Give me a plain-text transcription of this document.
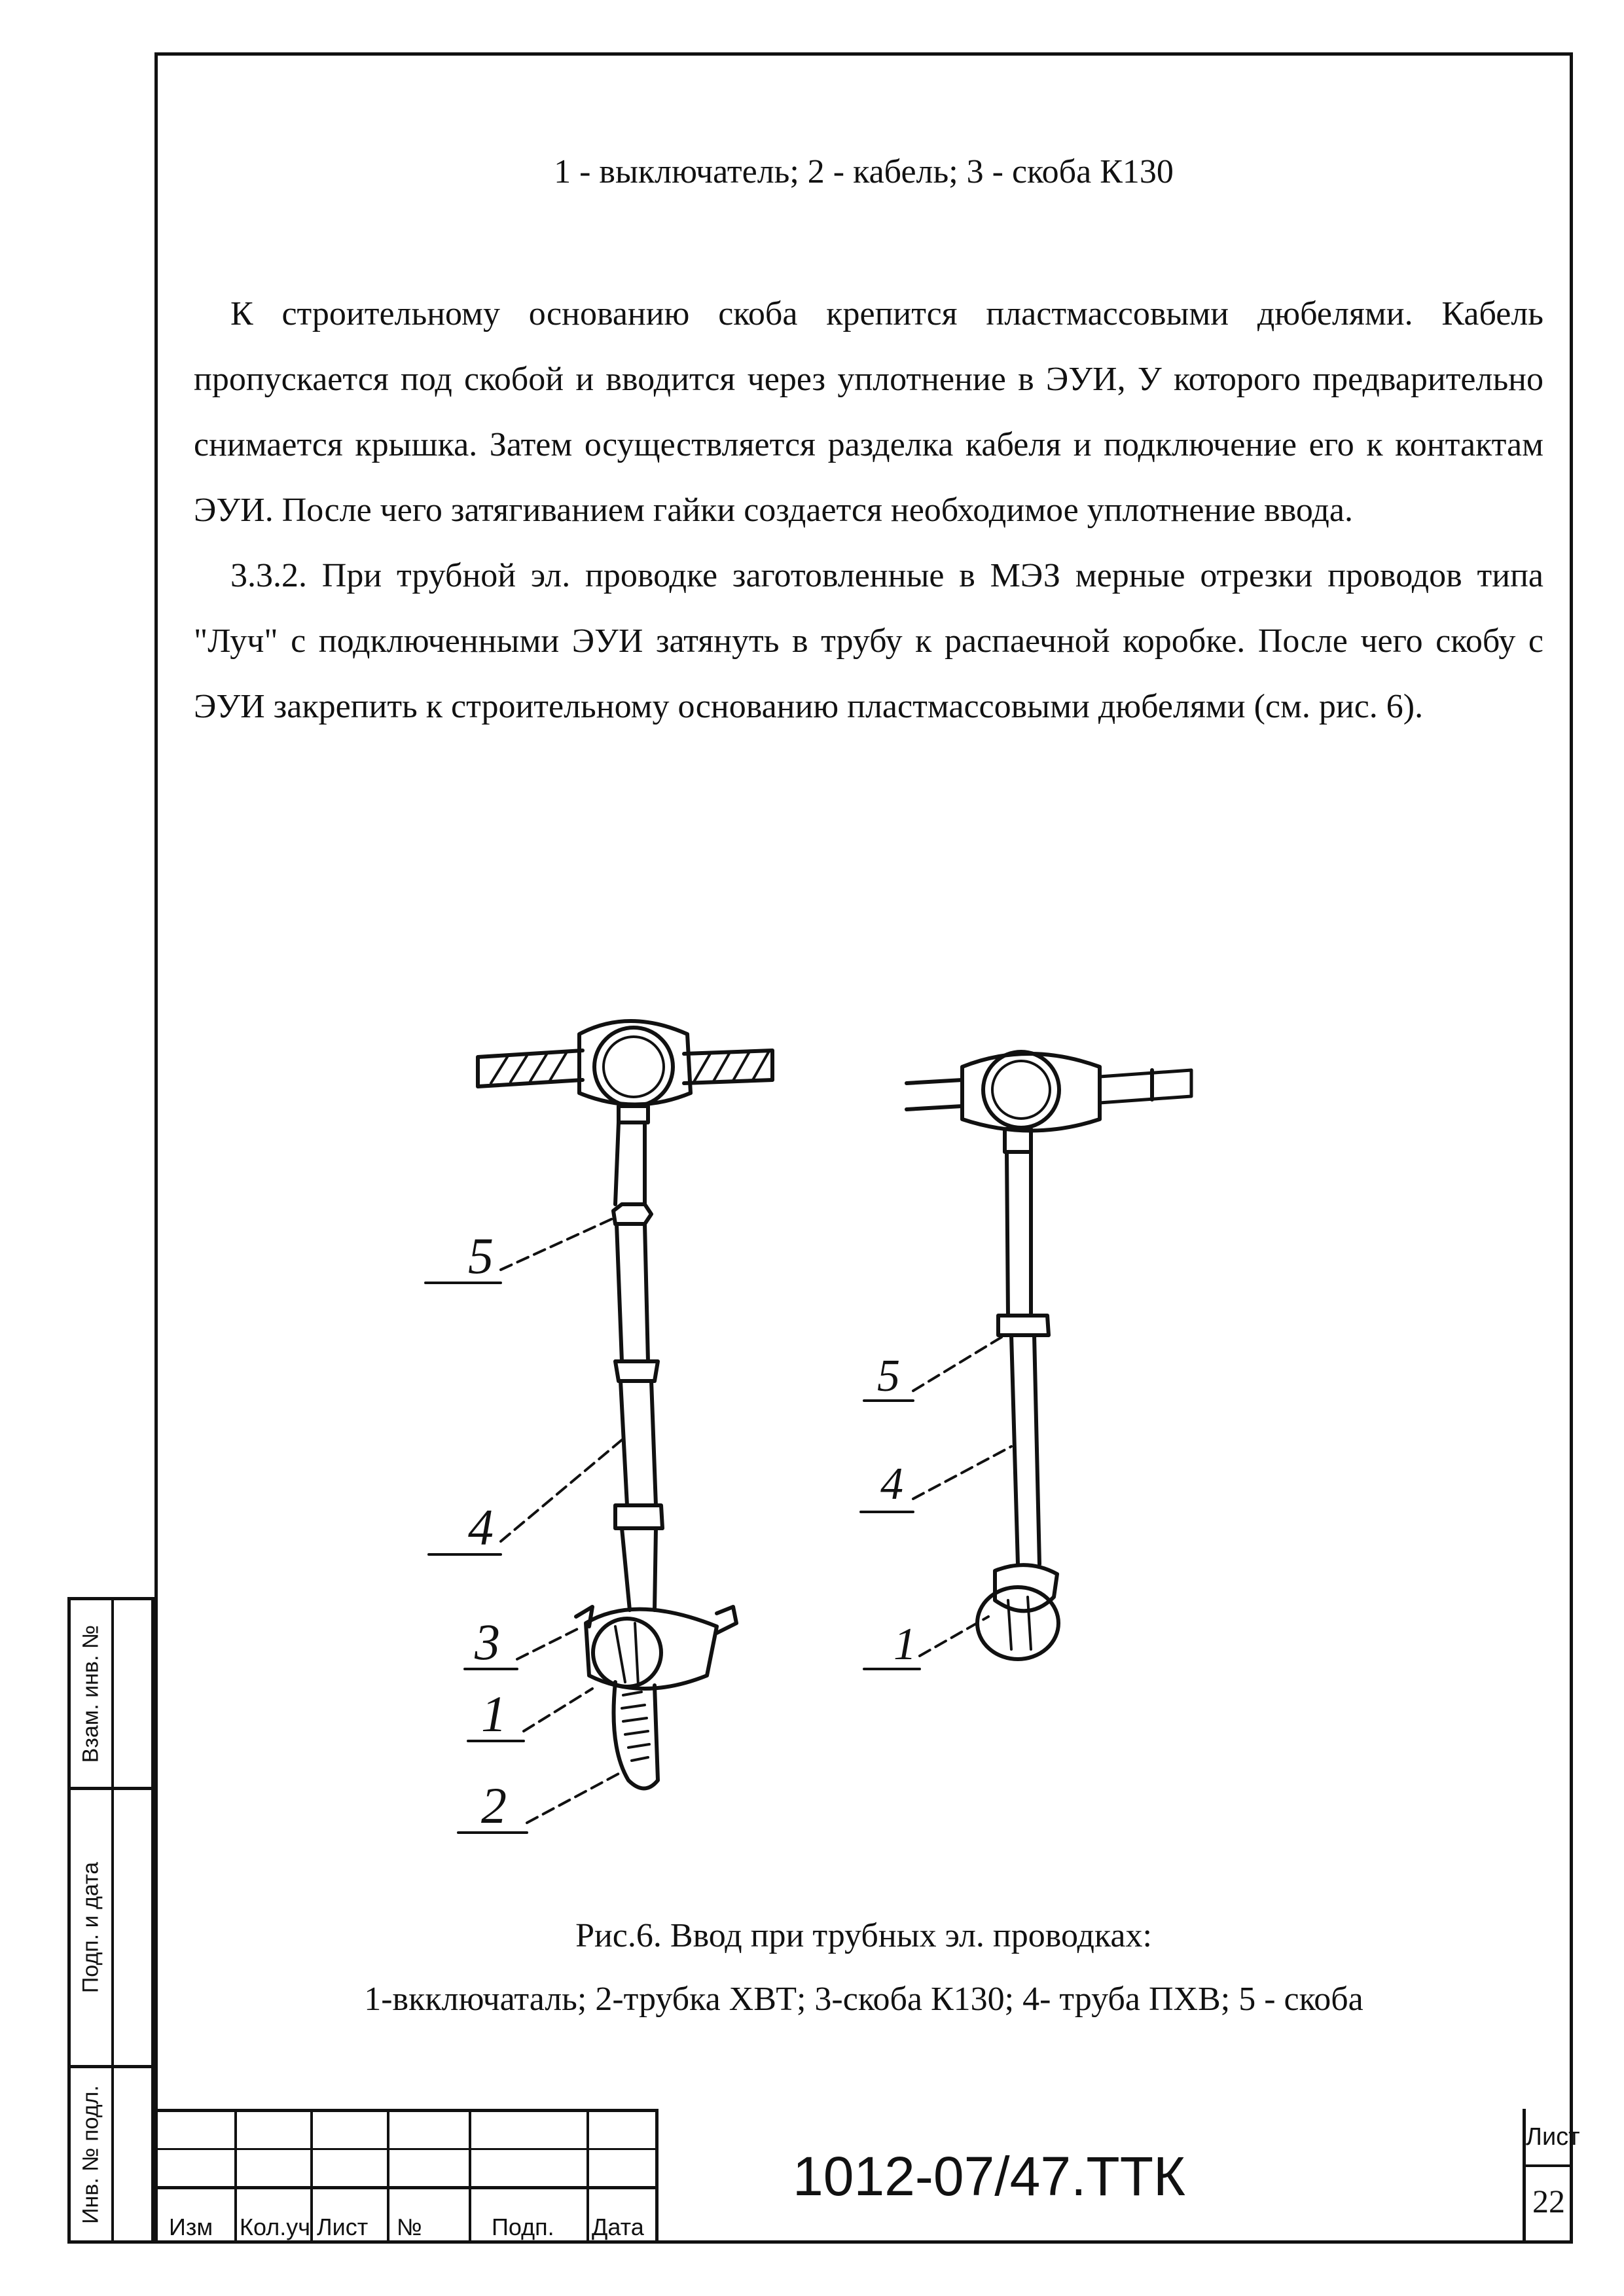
Взам. инв. №
Подп. и дата
Инв. № подл.
1 - выключатель; 2 - кабель; 3 - скоба К130

К строительному основанию скоба крепится пластмассовыми дюбелями. Кабель пропускается под скобой и вводится через уплотнение в ЭУИ, У которого предварительно снимается крышка. Затем осуществляется разделка кабеля и подключение его к контактам ЭУИ. После чего затягиванием гайки создается необходимое уплотнение ввода.

3.3.2. При трубной эл. проводке заготовленные в МЭЗ мерные отрезки проводов типа "Луч" с подключенными ЭУИ затянуть в трубу к распаечной коробке. После чего скобу с ЭУИ закрепить к строительному основанию пластмассовыми дюбелями (см. рис. 6).

5
4
3
1
2
5
4
1
Рис.6. Ввод при трубных эл. проводках:
1-вкключаталь; 2-трубка ХВТ; 3-скоба К130; 4- труба ПХВ; 5 - скоба
Изм Кол.уч Лист №	Подп. Дата
1012-07/47.ТТК
Лист
22
